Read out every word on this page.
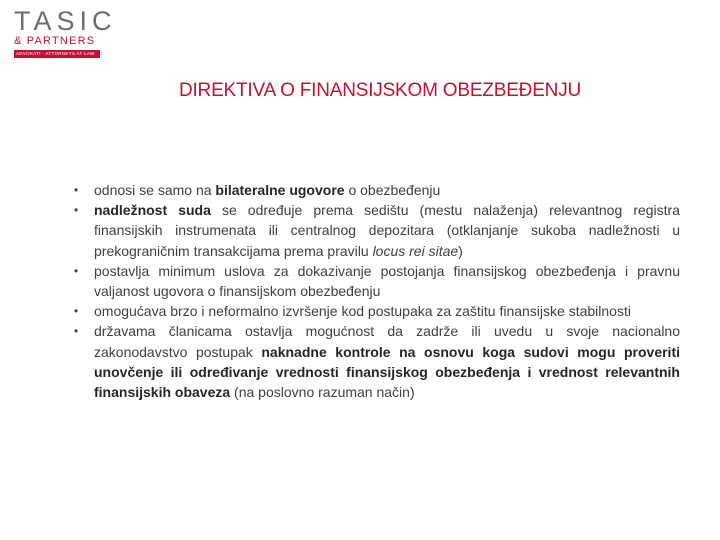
TASIC
& PARTNERS
ADVOKATI · ATTORNEYS AT LAW
DIREKTIVA O FINANSIJSKOM OBEZBEĐENJU
• odnosi se samo na bilateralne ugovore o obezbeđenju
• nadležnost suda se određuje prema sedištu (mestu nalaženja) relevantnog registra finansijskih instrumenata ili centralnog depozitara (otklanjanje sukoba nadležnosti u prekograničnim transakcijama prema pravilu locus rei sitae)
• postavlja minimum uslova za dokazivanje postojanja finansijskog obezbeđenja i pravnu valjanost ugovora o finansijskom obezbeđenju
• omogućava brzo i neformalno izvršenje kod postupaka za zaštitu finansijske stabilnosti
• državama članicama ostavlja mogućnost da zadrže ili uvedu u svoje nacionalno zakonodavstvo postupak naknadne kontrole na osnovu koga sudovi mogu proveriti unovčenje ili određivanje vrednosti finansijskog obezbeđenja i vrednost relevantnih finansijskih obaveza (na poslovno razuman način)
